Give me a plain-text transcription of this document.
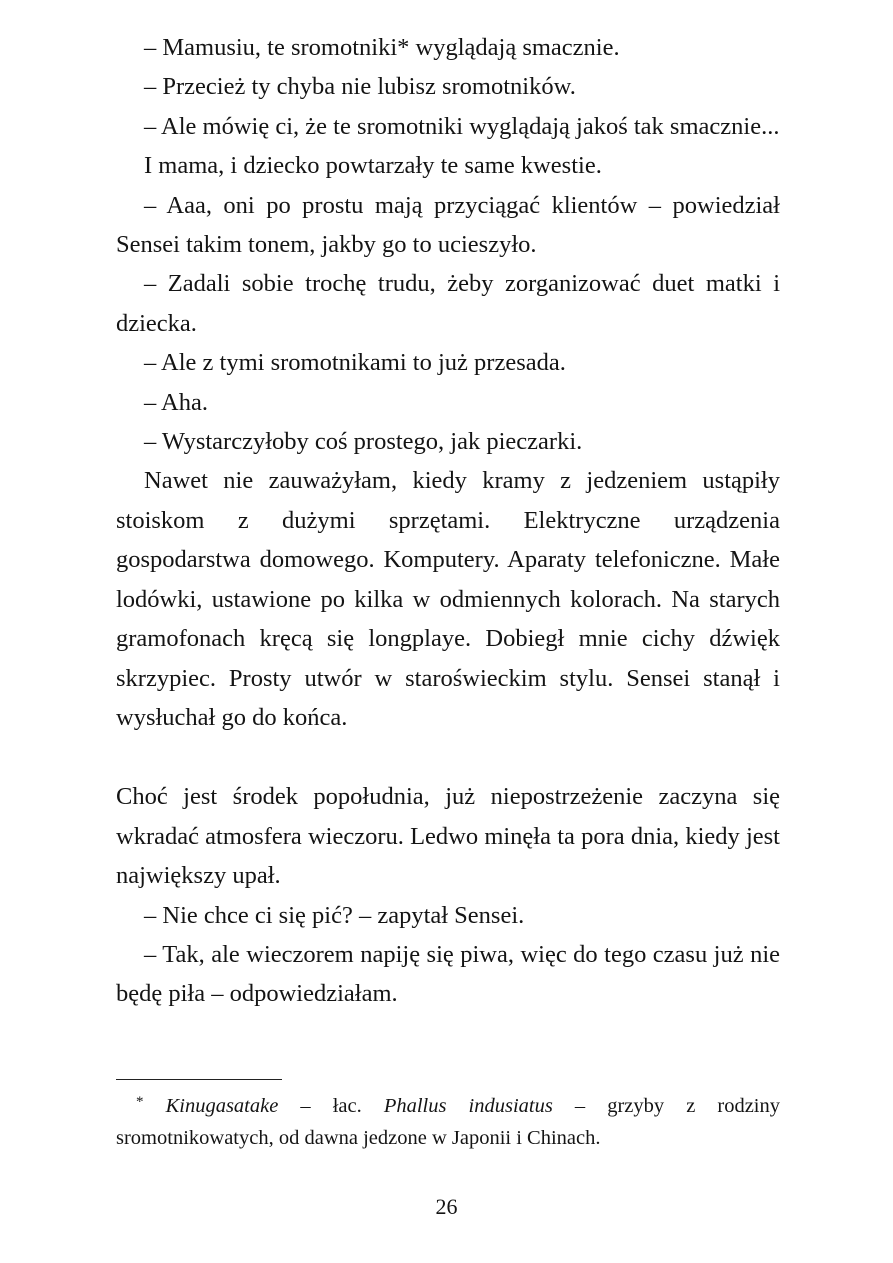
– Mamusiu, te sromotniki* wyglądają smacznie.

– Przecież ty chyba nie lubisz sromotników.

– Ale mówię ci, że te sromotniki wyglądają jakoś tak smacznie...

I mama, i dziecko powtarzały te same kwestie.

– Aaa, oni po prostu mają przyciągać klientów – powiedział Sensei takim tonem, jakby go to ucieszyło.

– Zadali sobie trochę trudu, żeby zorganizować duet matki i dziecka.

– Ale z tymi sromotnikami to już przesada.

– Aha.

– Wystarczyłoby coś prostego, jak pieczarki.

Nawet nie zauważyłam, kiedy kramy z jedzeniem ustąpiły stoiskom z dużymi sprzętami. Elektryczne urządzenia gospodarstwa domowego. Komputery. Aparaty telefoniczne. Małe lodówki, ustawione po kilka w odmiennych kolorach. Na starych gramofonach kręcą się longplaye. Dobiegł mnie cichy dźwięk skrzypiec. Prosty utwór w staroświeckim stylu. Sensei stanął i wysłuchał go do końca.

Choć jest środek popołudnia, już niepostrzeżenie zaczyna się wkradać atmosfera wieczoru. Ledwo minęła ta pora dnia, kiedy jest największy upał.

– Nie chce ci się pić? – zapytał Sensei.

– Tak, ale wieczorem napiję się piwa, więc do tego czasu już nie będę piła – odpowiedziałam.

* Kinugasatake – łac. Phallus indusiatus – grzyby z rodziny sromotnikowatych, od dawna jedzone w Japonii i Chinach.

26
